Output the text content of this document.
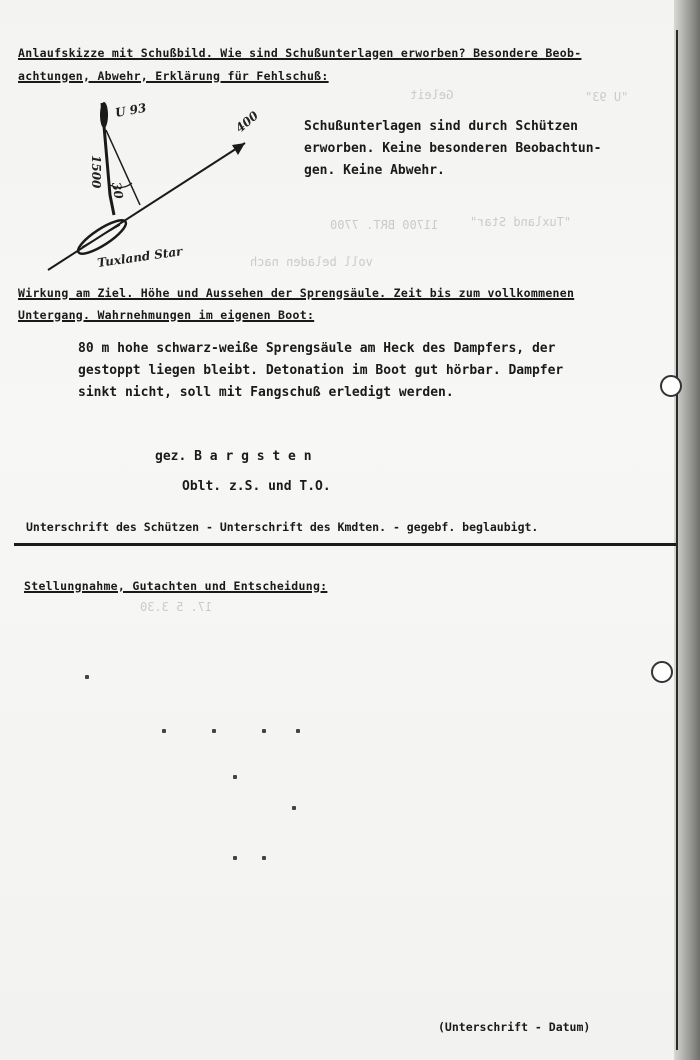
Geleit	"U 93"
"Tuxland Star"
11700 BRT. 7700
voll beladen nach
17. 5 3.30
Anlaufskizze mit Schußbild. Wie sind Schußunterlagen erworben? Besondere Beob-
achtungen, Abwehr, Erklärung für Fehlschuß:
Tuxland Star
400
U 93
30
1500
Schußunterlagen sind durch Schützen
erworben. Keine besonderen Beobachtun-
gen. Keine Abwehr.
Wirkung am Ziel. Höhe und Aussehen der Sprengsäule. Zeit bis zum vollkommenen
Untergang. Wahrnehmungen im eigenen Boot:
80 m hohe schwarz-weiße Sprengsäule am Heck des Dampfers, der
gestoppt liegen bleibt. Detonation im Boot gut hörbar. Dampfer
sinkt nicht, soll mit Fangschuß erledigt werden.
gez. B a r g s t e n
Oblt. z.S. und T.O.
Unterschrift des Schützen - Unterschrift des Kmdten. - gegebf. beglaubigt.
Stellungnahme, Gutachten und Entscheidung:
(Unterschrift - Datum)
